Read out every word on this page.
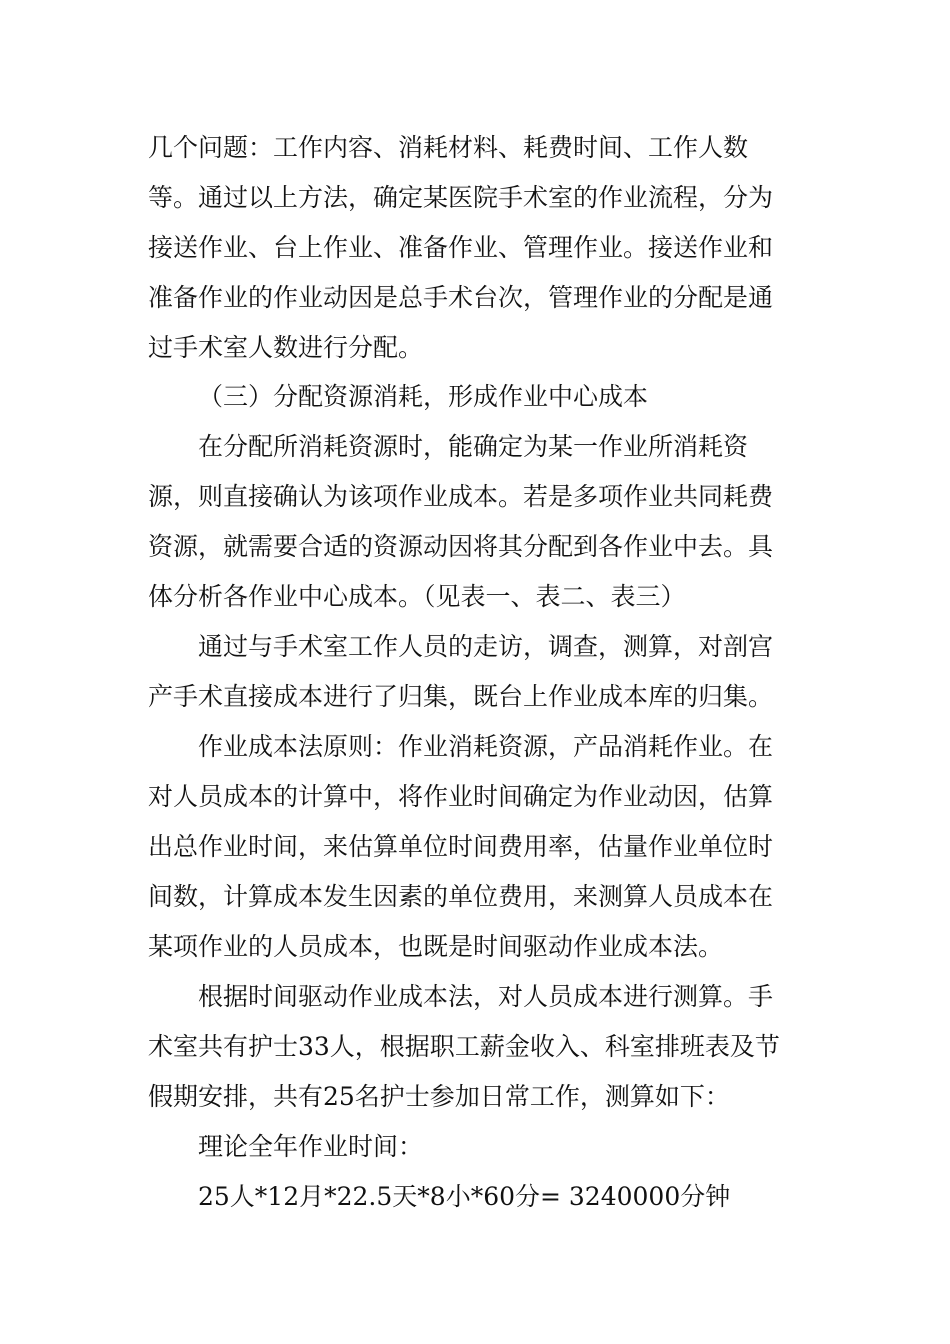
几个问题：工作内容、消耗材料、耗费时间、工作人数
等。通过以上方法，确定某医院手术室的作业流程，分为
接送作业、台上作业、准备作业、管理作业。接送作业和
准备作业的作业动因是总手术台次，管理作业的分配是通
过手术室人数进行分配。
（三）分配资源消耗，形成作业中心成本
在分配所消耗资源时，能确定为某一作业所消耗资
源，则直接确认为该项作业成本。若是多项作业共同耗费
资源，就需要合适的资源动因将其分配到各作业中去。具
体分析各作业中心成本。（见表一、表二、表三）
通过与手术室工作人员的走访，调查，测算，对剖宫
产手术直接成本进行了归集，既台上作业成本库的归集。
作业成本法原则：作业消耗资源，产品消耗作业。在
对人员成本的计算中，将作业时间确定为作业动因，估算
出总作业时间，来估算单位时间费用率，估量作业单位时
间数，计算成本发生因素的单位费用，来测算人员成本在
某项作业的人员成本，也既是时间驱动作业成本法。
根据时间驱动作业成本法，对人员成本进行测算。手
术室共有护士33人，根据职工薪金收入、科室排班表及节
假期安排，共有25名护士参加日常工作，测算如下：
理论全年作业时间：
25人*12月*22.5天*8小*60分= 3240000分钟
